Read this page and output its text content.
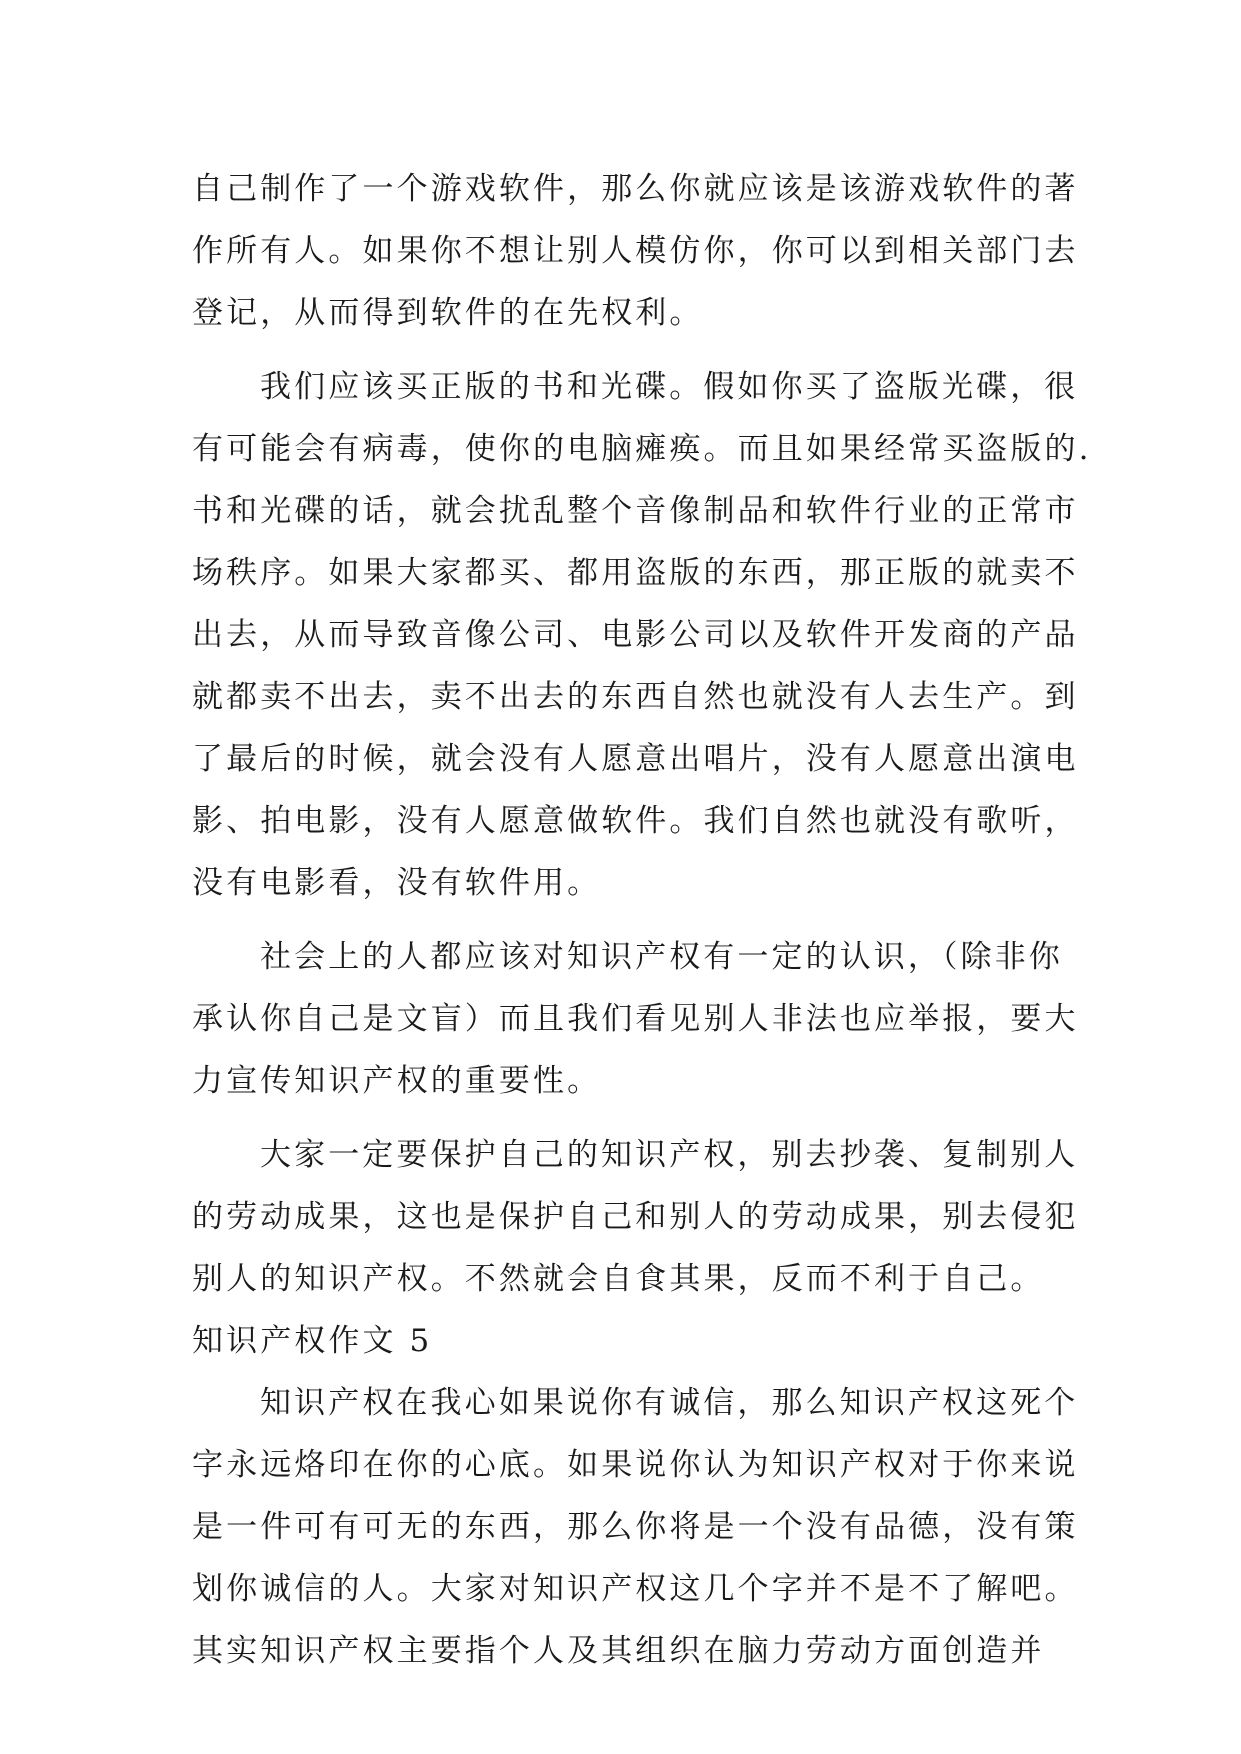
自己制作了一个游戏软件，那么你就应该是该游戏软件的著
作所有人。如果你不想让别人模仿你，你可以到相关部门去
登记，从而得到软件的在先权利。
我们应该买正版的书和光碟。假如你买了盗版光碟，很
有可能会有病毒，使你的电脑瘫痪。而且如果经常买盗版的.
书和光碟的话，就会扰乱整个音像制品和软件行业的正常市
场秩序。如果大家都买、都用盗版的东西，那正版的就卖不
出去，从而导致音像公司、电影公司以及软件开发商的产品
就都卖不出去，卖不出去的东西自然也就没有人去生产。到
了最后的时候，就会没有人愿意出唱片，没有人愿意出演电
影、拍电影，没有人愿意做软件。我们自然也就没有歌听，
没有电影看，没有软件用。
社会上的人都应该对知识产权有一定的认识，（除非你
承认你自己是文盲）而且我们看见别人非法也应举报，要大
力宣传知识产权的重要性。
大家一定要保护自己的知识产权，别去抄袭、复制别人
的劳动成果，这也是保护自己和别人的劳动成果，别去侵犯
别人的知识产权。不然就会自食其果，反而不利于自己。
知识产权作文 5
知识产权在我心如果说你有诚信，那么知识产权这死个
字永远烙印在你的心底。如果说你认为知识产权对于你来说
是一件可有可无的东西，那么你将是一个没有品德，没有策
划你诚信的人。大家对知识产权这几个字并不是不了解吧。
其实知识产权主要指个人及其组织在脑力劳动方面创造并
